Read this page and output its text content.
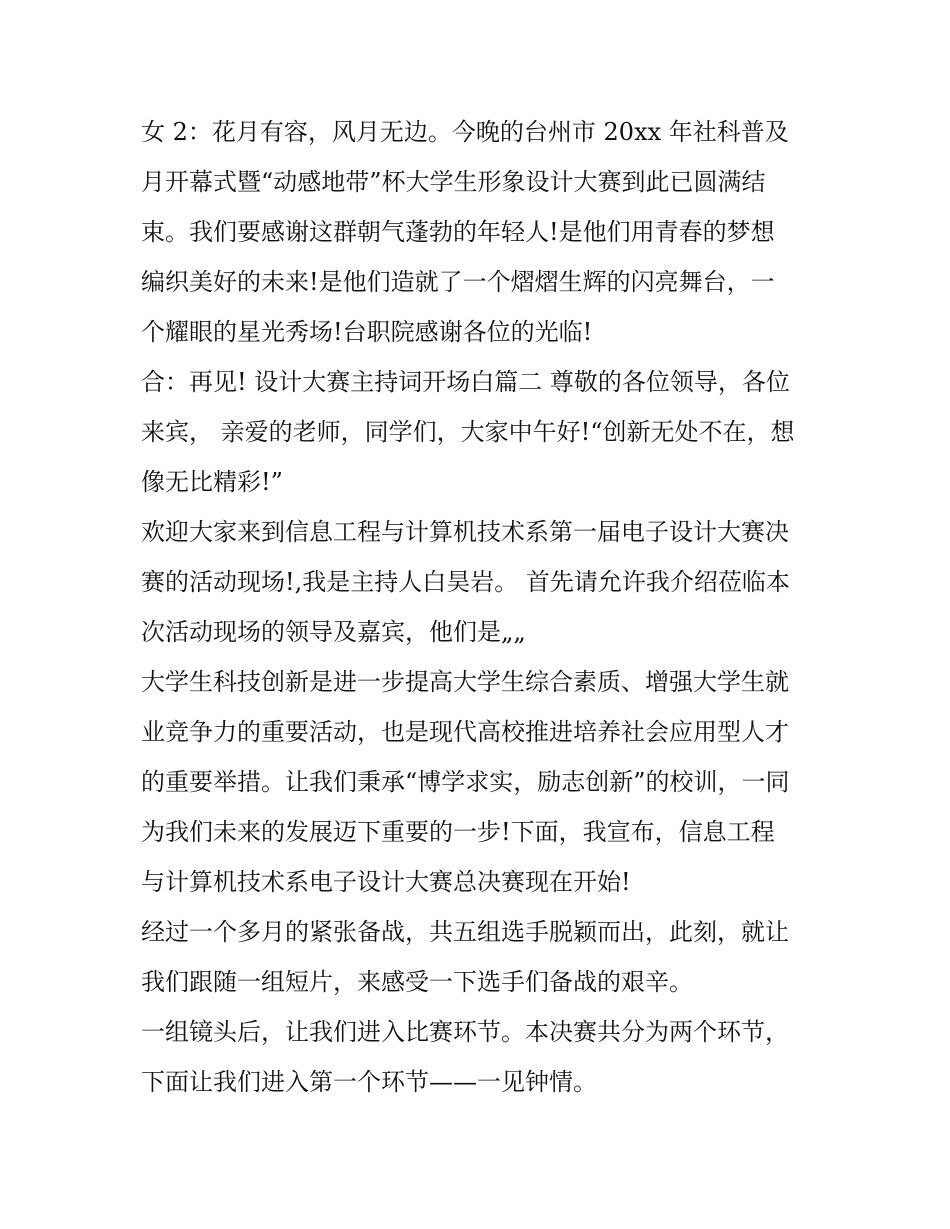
女 2：花月有容，风月无边。今晚的台州市 20xx 年社科普及
月开幕式暨“动感地带”杯大学生形象设计大赛到此已圆满结
束。我们要感谢这群朝气蓬勃的年轻人!是他们用青春的梦想
编织美好的未来!是他们造就了一个熠熠生辉的闪亮舞台，一
个耀眼的星光秀场!台职院感谢各位的光临!
合：再见! 设计大赛主持词开场白篇二 尊敬的各位领导，各位
来宾， 亲爱的老师，同学们，大家中午好!“创新无处不在，想
像无比精彩!”
欢迎大家来到信息工程与计算机技术系第一届电子设计大赛决
赛的活动现场!,我是主持人白昊岩。 首先请允许我介绍莅临本
次活动现场的领导及嘉宾，他们是„„
大学生科技创新是进一步提高大学生综合素质、增强大学生就
业竞争力的重要活动，也是现代高校推进培养社会应用型人才
的重要举措。让我们秉承“博学求实，励志创新”的校训，一同
为我们未来的发展迈下重要的一步!下面，我宣布，信息工程
与计算机技术系电子设计大赛总决赛现在开始!
经过一个多月的紧张备战，共五组选手脱颖而出，此刻，就让
我们跟随一组短片，来感受一下选手们备战的艰辛。
一组镜头后，让我们进入比赛环节。本决赛共分为两个环节，
下面让我们进入第一个环节——一见钟情。
